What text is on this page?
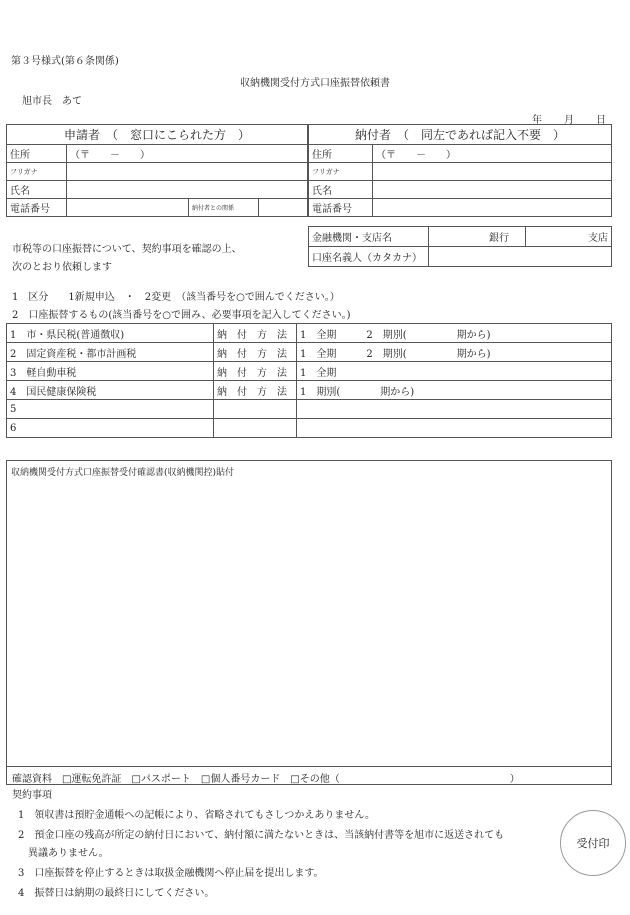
第３号様式(第６条関係)
収納機関受付方式口座振替依頼書
旭市長　あて
年 月 日
申請者　（　窓口にこられた方　）			
住所	（〒　　－　　）		
フリガナ			
氏名			
電話番号		納付者との関係	
納付者　（　同左であれば記入不要　）	
住所	（〒　　－　　）
フリガナ	
氏名	
電話番号	
金融機関・支店名	銀行	支店
口座名義人（カタカナ）		
市税等の口座振替について、契約事項を確認の上、
次のとおり依頼します
1　区分　　1新規申込　・　2変更　（該当番号を○で囲んでください。）
2　口座振替するもの(該当番号を○で囲み、必要事項を記入してください。)
1　市・県民税(普通徴収)	納　付　方　法	1　全期　　　2　期別(　　　　　期から)
2　固定資産税・都市計画税	納　付　方　法	1　全期　　　2　期別(　　　　　期から)
3　軽自動車税	納　付　方　法	1　全期
4　国民健康保険税	納　付　方　法	1　期別(　　　　期から)
5		
6		
収納機関受付方式口座振替受付確認書(収納機関控)貼付
確認資料　□運転免許証　□パスポート　□個人番号カード　□その他（　　　　　　　　　　　　　　　　　）
契約事項
1　領収書は預貯金通帳への記帳により、省略されてもさしつかえありません。
2　預金口座の残高が所定の納付日において、納付額に満たないときは、当該納付書等を旭市に返送されても
　異議ありません。
3　口座振替を停止するときは取扱金融機関へ停止届を提出します。
4　振替日は納期の最終日にしてください。
受付印
